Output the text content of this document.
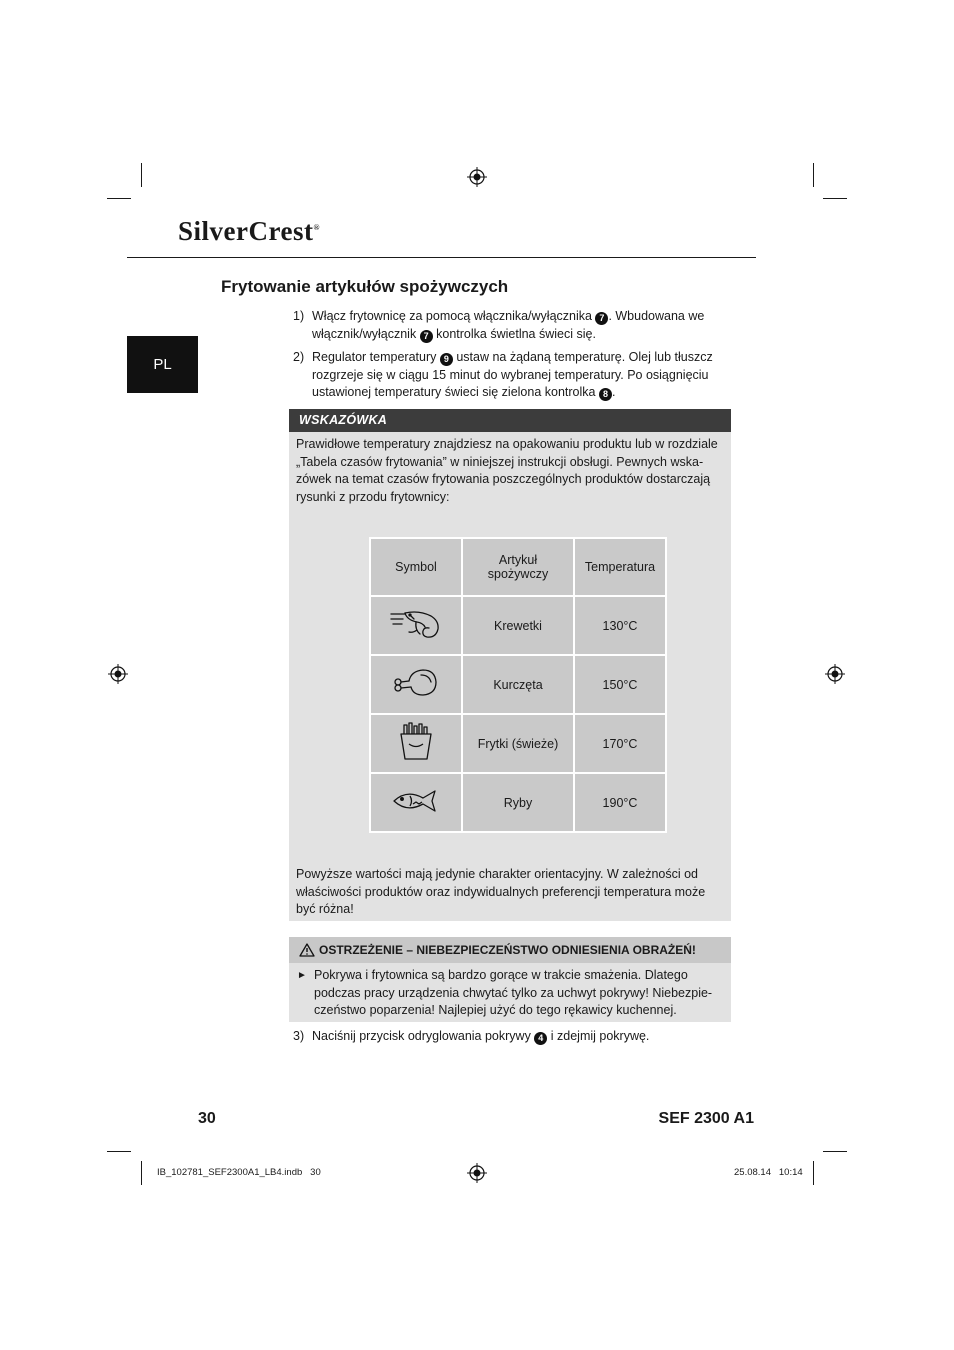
SilverCrest®
PL
Frytowanie artykułów spożywczych
1) Włącz frytownicę za pomocą włącznika/wyłącznika 7 . Wbudowana we włącznik/wyłącznik 7 kontrolka świetlna świeci się.
2) Regulator temperatury 9 ustaw na żądaną temperaturę. Olej lub tłuszcz rozgrzeje się w ciągu 15 minut do wybranej temperatury. Po osiągnięciu ustawionej temperatury świeci się zielona kontrolka 8 .
WSKAZÓWKA
Prawidłowe temperatury znajdziesz na opakowaniu produktu lub w rozdziale „Tabela czasów frytowania” w niniejszej instrukcji obsługi. Pewnych wska-zówek na temat czasów frytowania poszczególnych produktów dostarczają rysunki z przodu frytownicy:
Powyższe wartości mają jedynie charakter orientacyjny. W zależności od właściwości produktów oraz indywidualnych preferencji temperatura może być różna!
Symbol	Artykuł spożywczy	Temperatura
	Krewetki	130°C
	Kurczęta	150°C
	Frytki (świeże)	170°C
	Ryby	190°C
OSTRZEŻENIE – NIEBEZPIECZEŃSTWO ODNIESIENIA OBRAŻEŃ!
► Pokrywa i frytownica są bardzo gorące w trakcie smażenia. Dlatego podczas pracy urządzenia chwytać tylko za uchwyt pokrywy! Niebezpie-czeństwo poparzenia! Najlepiej użyć do tego rękawicy kuchennej.
3) Naciśnij przycisk odryglowania pokrywy 4 i zdejmij pokrywę.
30	SEF 2300 A1
IB_102781_SEF2300A1_LB4.indb   30	25.08.14   10:14
